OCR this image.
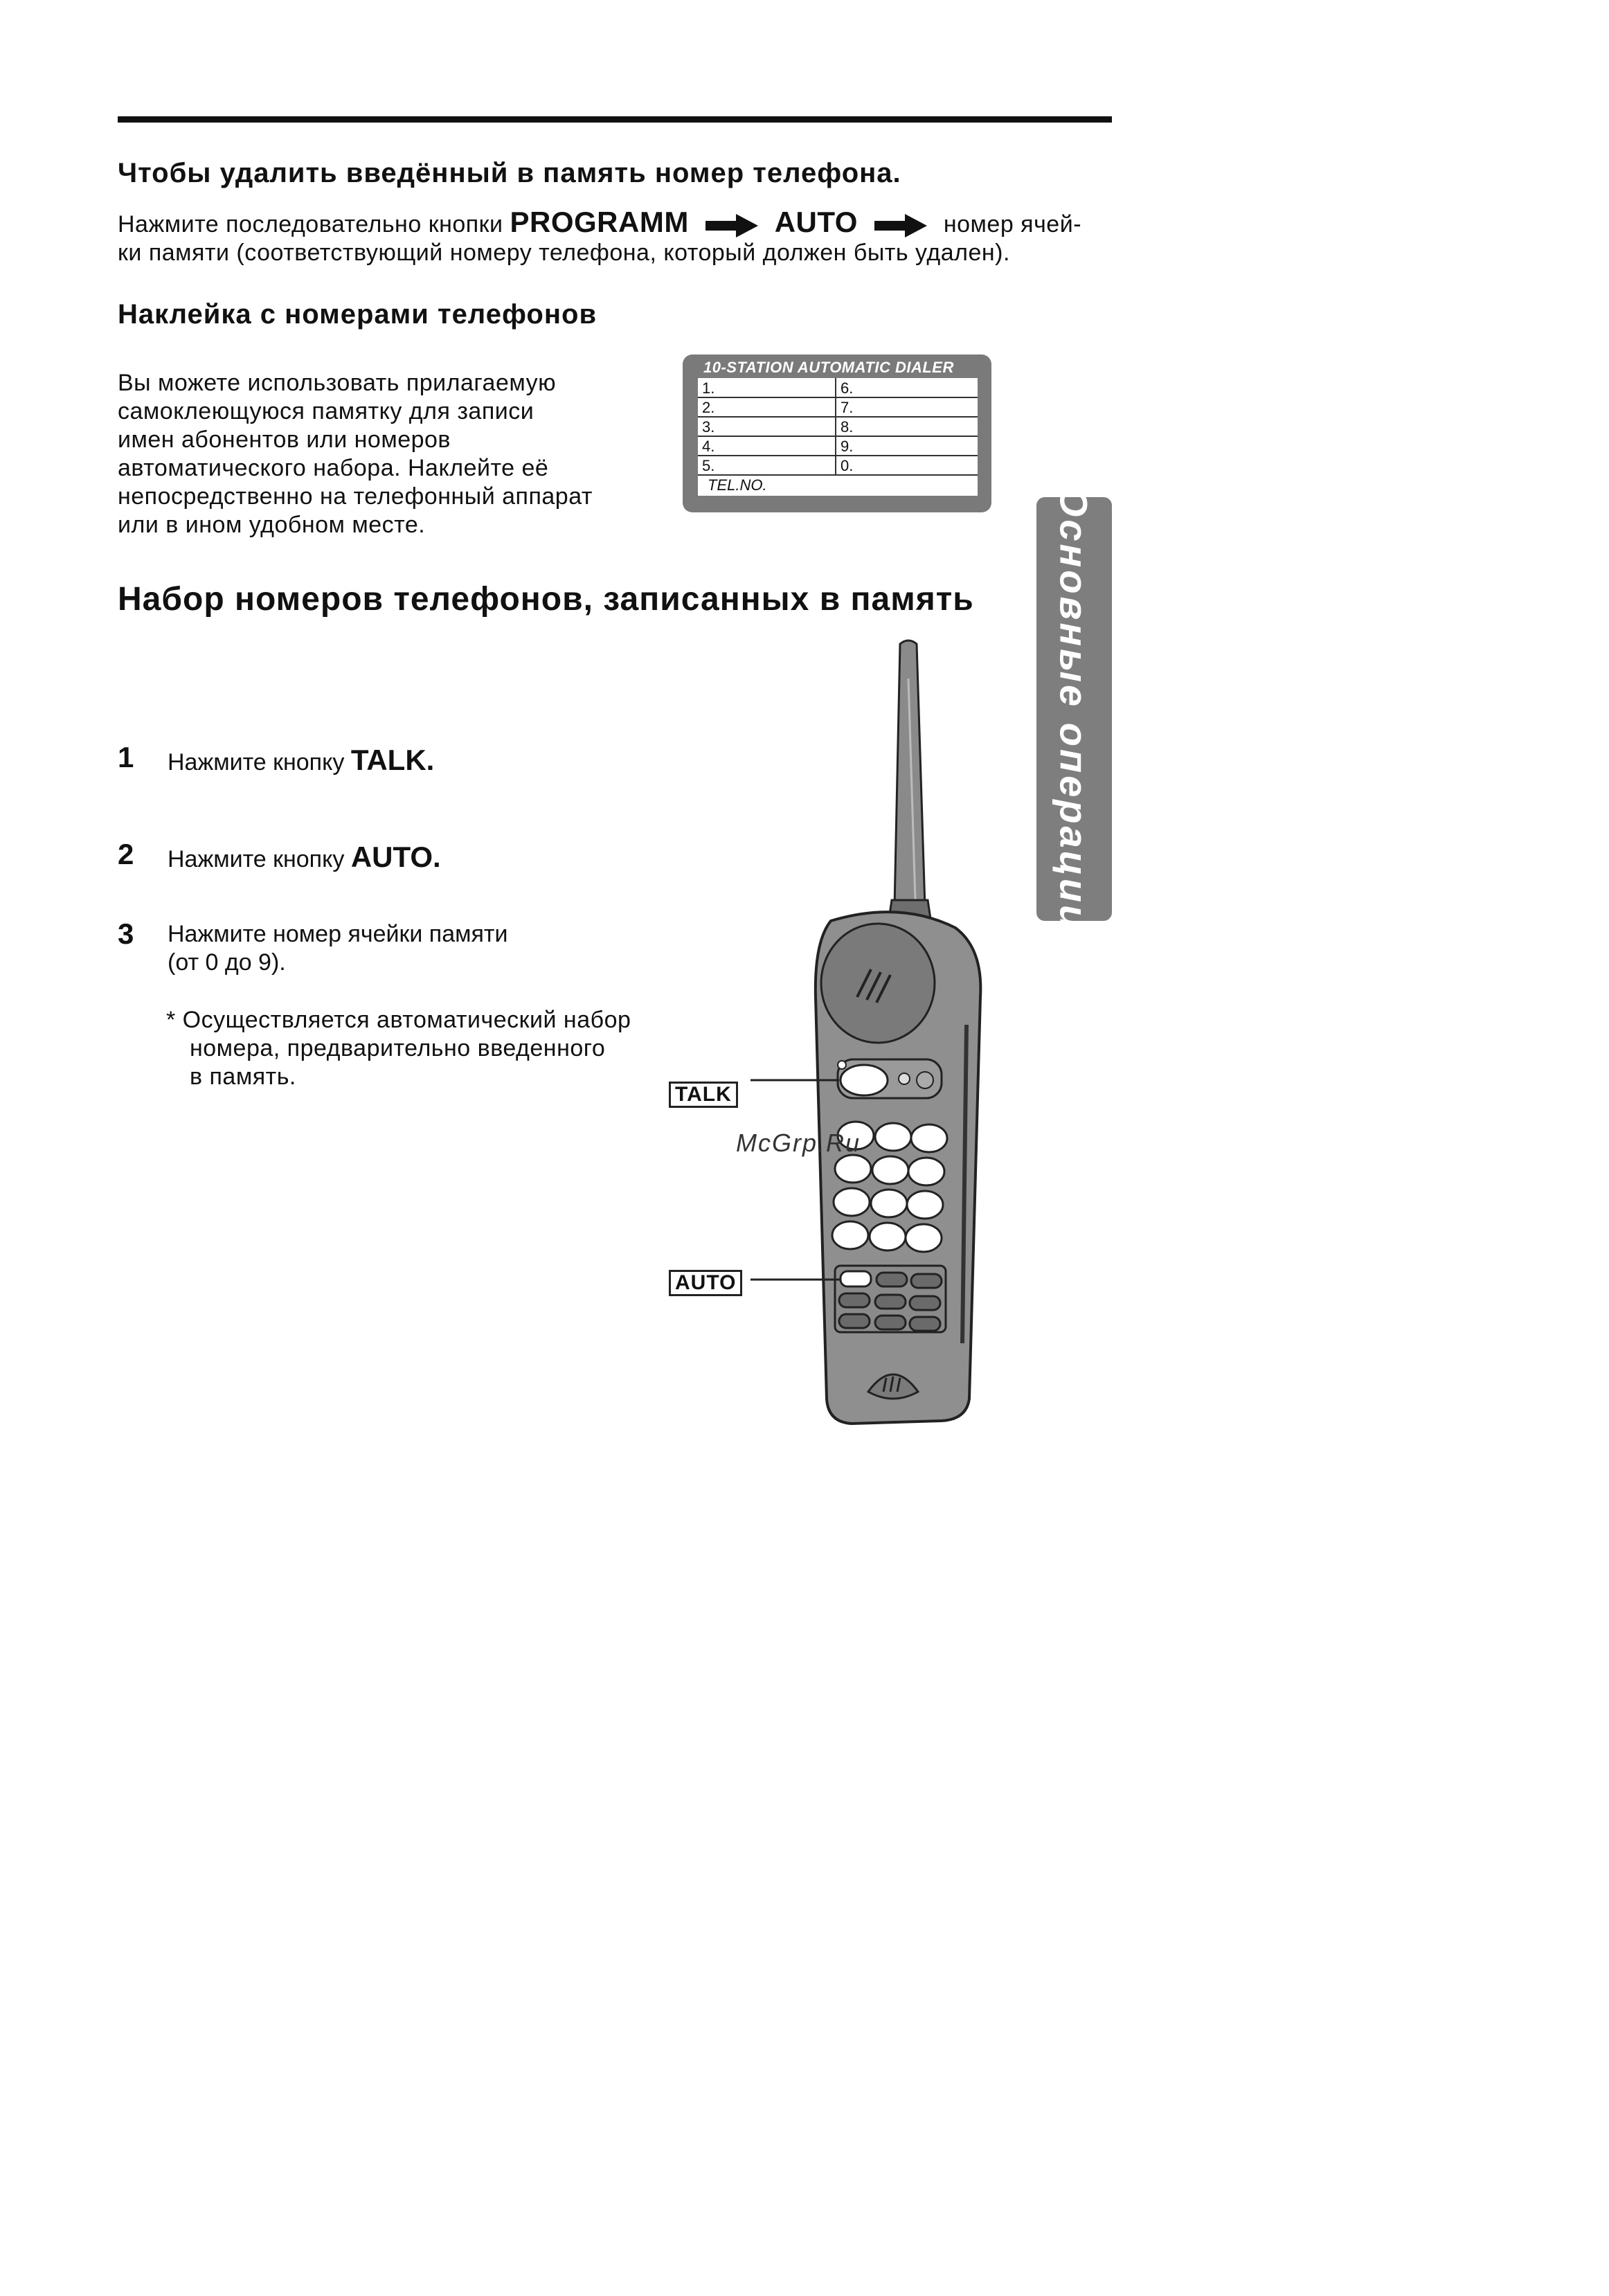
Чтобы удалить введённый в память номер телефона.
Нажмите последовательно кнопки PROGRAMM	AUTO	номер ячей-
ки памяти (соответствующий номеру телефона, который должен быть удален).
Наклейка с номерами телефонов
Вы можете использовать прилагаемую
самоклеющуюся памятку для записи
имен абонентов или номеров
автоматического набора. Наклейте её
непосредственно на телефонный аппарат
или в ином удобном месте.
10-STATION AUTOMATIC DIALER
1.
2.
3.
4.
5.
6.
7.
8.
9.
0.
TEL.NO.
Основные операции
Набор номеров телефонов, записанных в память
1 Нажмите кнопку TALK.
2 Нажмите кнопку AUTO.
3 Нажмите номер ячейки памяти
(от 0 до 9).
* Осуществляется автоматический набор
номера, предварительно введенного
в память.
TALK
AUTO
McGrp.Ru
